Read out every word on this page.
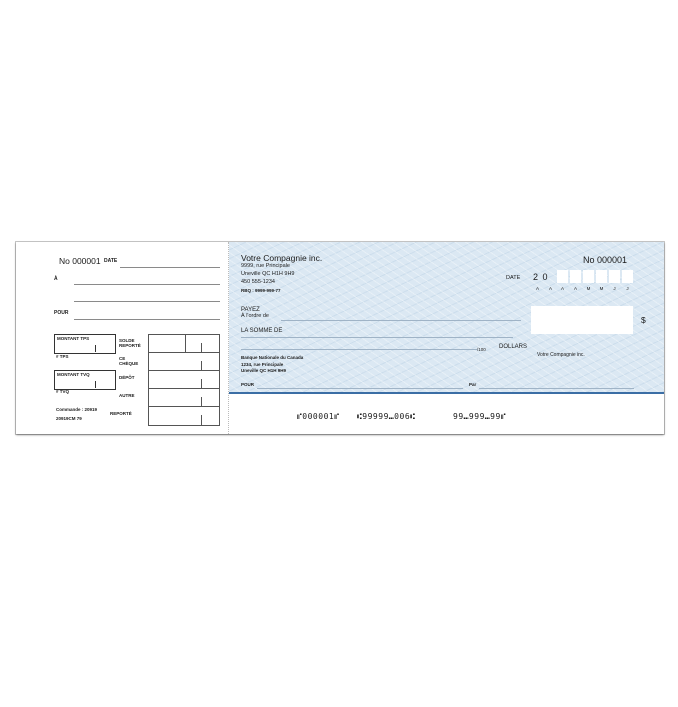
No 000001 DATE
À
POUR
MONTANT TPS
# TPS
MONTANT TVQ
# TVQ
Commande : 20919
20919CM 79
SOLDE REPORTÉ
CE CHÈQUE
DÉPÔT
AUTRE
REPORTÉ
Votre Compagnie inc.
9999, rue Principale
Uneville QC H1H 9H9
450 555-1234
RBQ : 9999-999-77
No 000001
DATE 2 0
A	A	A	A	M	M	J	J
PAYEZ
À l'ordre de	$
LA SOMME DE
/100 DOLLARS
Votre Compagnie inc.
Banque Nationale du Canada
1234, rue Principale
Uneville QC H1H 9H9
POUR	Par
⑈000001⑈ ⑆99999⑉006⑆	99⑉999⑉99⑈
